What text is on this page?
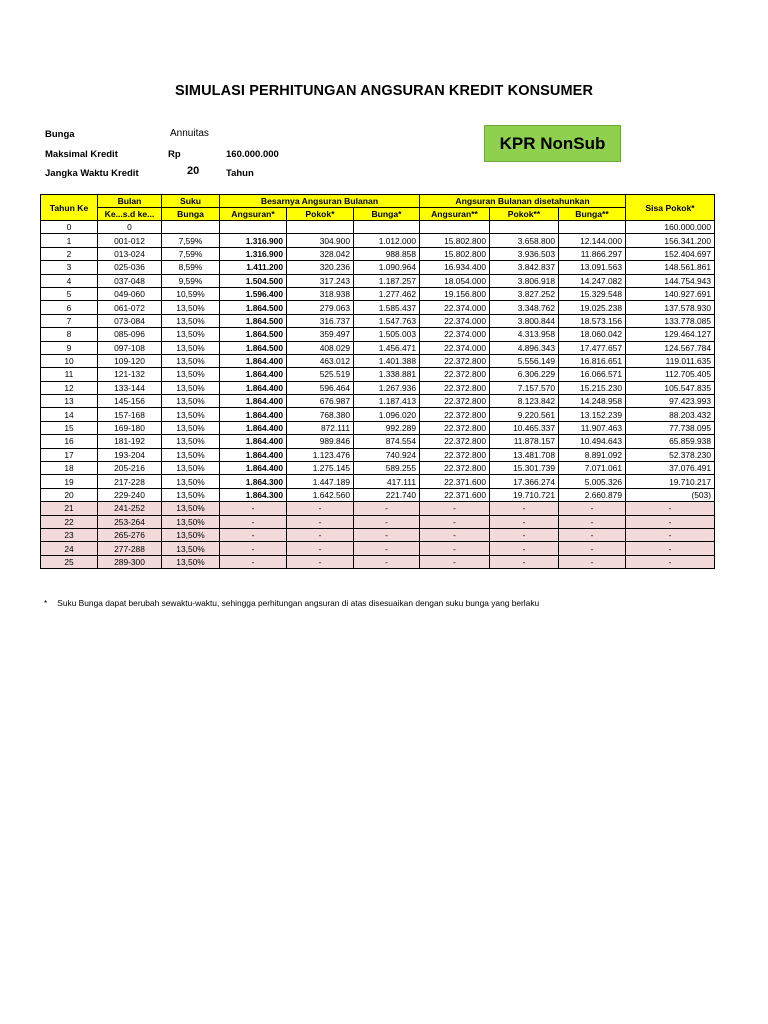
SIMULASI PERHITUNGAN ANGSURAN KREDIT KONSUMER
Bunga	Annuitas
Maksimal Kredit	Rp	160.000.000
Jangka Waktu Kredit	20	Tahun
KPR NonSub
Tahun Ke	Bulan	Suku	Besarnya Angsuran Bulanan			Angsuran Bulanan disetahunkan			Sisa Pokok*
	Ke...s.d ke...	Bunga	Angsuran*	Pokok*	Bunga*	Angsuran**	Pokok**	Bunga**	
0	0								160.000.000
1	001-012	7,59%	1.316.900	304.900	1.012.000	15.802.800	3.658.800	12.144.000	156.341.200
2	013-024	7,59%	1.316.900	328.042	988.858	15.802.800	3.936.503	11.866.297	152.404.697
3	025-036	8,59%	1.411.200	320.236	1.090.964	16.934.400	3.842.837	13.091.563	148.561.861
4	037-048	9,59%	1.504.500	317.243	1.187.257	18.054.000	3.806.918	14.247.082	144.754.943
5	049-060	10,59%	1.596.400	318.938	1.277.462	19.156.800	3.827.252	15.329.548	140.927.691
6	061-072	13,50%	1.864.500	279.063	1.585.437	22.374.000	3.348.762	19.025.238	137.578.930
7	073-084	13,50%	1.864.500	316.737	1.547.763	22.374.000	3.800.844	18.573.156	133.778.085
8	085-096	13,50%	1.864.500	359.497	1.505.003	22.374.000	4.313.958	18.060.042	129.464.127
9	097-108	13,50%	1.864.500	408.029	1.456.471	22.374.000	4.896.343	17.477.657	124.567.784
10	109-120	13,50%	1.864.400	463.012	1.401.388	22.372.800	5.556.149	16.816.651	119.011.635
11	121-132	13,50%	1.864.400	525.519	1.338.881	22.372.800	6.306.229	16.066.571	112.705.405
12	133-144	13,50%	1.864.400	596.464	1.267.936	22.372.800	7.157.570	15.215.230	105.547.835
13	145-156	13,50%	1.864.400	676.987	1.187.413	22.372.800	8.123.842	14.248.958	97.423.993
14	157-168	13,50%	1.864.400	768.380	1.096.020	22.372.800	9.220.561	13.152.239	88.203.432
15	169-180	13,50%	1.864.400	872.111	992.289	22.372.800	10.465.337	11.907.463	77.738.095
16	181-192	13,50%	1.864.400	989.846	874.554	22.372.800	11.878.157	10.494.643	65.859.938
17	193-204	13,50%	1.864.400	1.123.476	740.924	22.372.800	13.481.708	8.891.092	52.378.230
18	205-216	13,50%	1.864.400	1.275.145	589.255	22.372.800	15.301.739	7.071.061	37.076.491
19	217-228	13,50%	1.864.300	1.447.189	417.111	22.371.600	17.366.274	5.005.326	19.710.217
20	229-240	13,50%	1.864.300	1.642.560	221.740	22.371.600	19.710.721	2.660.879	(503)
21	241-252	13,50%	-	-	-	-	-	-	-
22	253-264	13,50%	-	-	-	-	-	-	-
23	265-276	13,50%	-	-	-	-	-	-	-
24	277-288	13,50%	-	-	-	-	-	-	-
25	289-300	13,50%	-	-	-	-	-	-	-
* Suku Bunga dapat berubah sewaktu-waktu, sehingga perhitungan angsuran di atas disesuaikan dengan suku bunga yang berlaku
